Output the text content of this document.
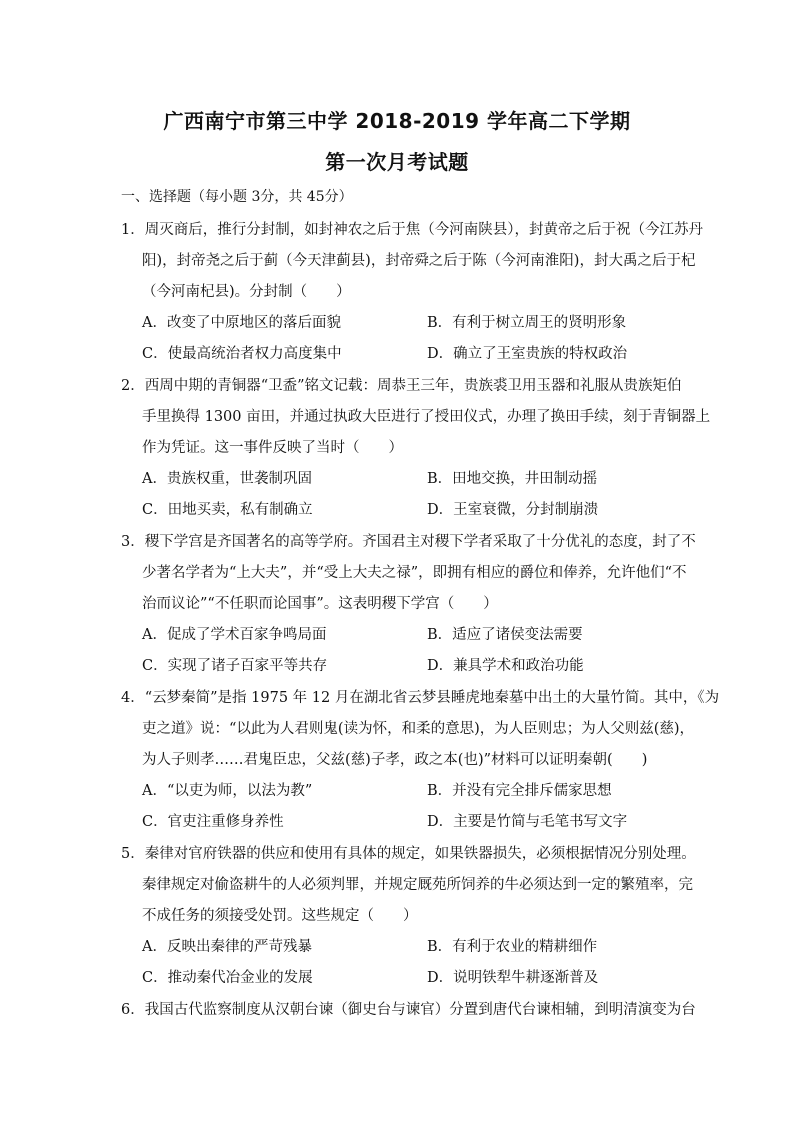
广西南宁市第三中学 2018-2019 学年高二下学期
第一次月考试题
一、选择题（每小题 3分，共 45分）
1．周灭商后，推行分封制，如封神农之后于焦（今河南陕县），封黄帝之后于祝（今江苏丹
阳)，封帝尧之后于蓟（今天津蓟县)，封帝舜之后于陈（今河南淮阳)，封大禹之后于杞
（今河南杞县)。分封制（　　）
A．改变了中原地区的落后面貌	B．有利于树立周王的贤明形象
C．使最高统治者权力高度集中	D．确立了王室贵族的特权政治
2．西周中期的青铜器“卫盉”铭文记载：周恭王三年，贵族裘卫用玉器和礼服从贵族矩伯
手里换得 1300 亩田，并通过执政大臣进行了授田仪式，办理了换田手续，刻于青铜器上
作为凭证。这一事件反映了当时（　　）
A．贵族权重，世袭制巩固	B．田地交换，井田制动摇
C．田地买卖，私有制确立	D．王室衰微，分封制崩溃
3．稷下学宫是齐国著名的高等学府。齐国君主对稷下学者采取了十分优礼的态度，封了不
少著名学者为“上大夫”，并“受上大夫之禄”，即拥有相应的爵位和俸养，允许他们“不
治而议论”“不任职而论国事”。这表明稷下学宫（　　）
A．促成了学术百家争鸣局面	B．适应了诸侯变法需要
C．实现了诸子百家平等共存	D．兼具学术和政治功能
4．“云梦秦简”是指 1975 年 12 月在湖北省云梦县睡虎地秦墓中出土的大量竹简。其中，《为
吏之道》说：“以此为人君则鬼(读为怀，和柔的意思)，为人臣则忠；为人父则兹(慈)，
为人子则孝……君鬼臣忠，父兹(慈)子孝，政之本(也)”材料可以证明秦朝(　　)
A．“以吏为师，以法为教”	B．并没有完全排斥儒家思想
C．官吏注重修身养性	D．主要是竹简与毛笔书写文字
5．秦律对官府铁器的供应和使用有具体的规定，如果铁器损失，必须根据情况分别处理。
秦律规定对偷盗耕牛的人必须判罪，并规定厩苑所饲养的牛必须达到一定的繁殖率，完
不成任务的须接受处罚。这些规定（　　）
A．反映出秦律的严苛残暴	B．有利于农业的精耕细作
C．推动秦代冶金业的发展	D．说明铁犁牛耕逐渐普及
6．我国古代监察制度从汉朝台谏（御史台与谏官）分置到唐代台谏相辅，到明清演变为台
